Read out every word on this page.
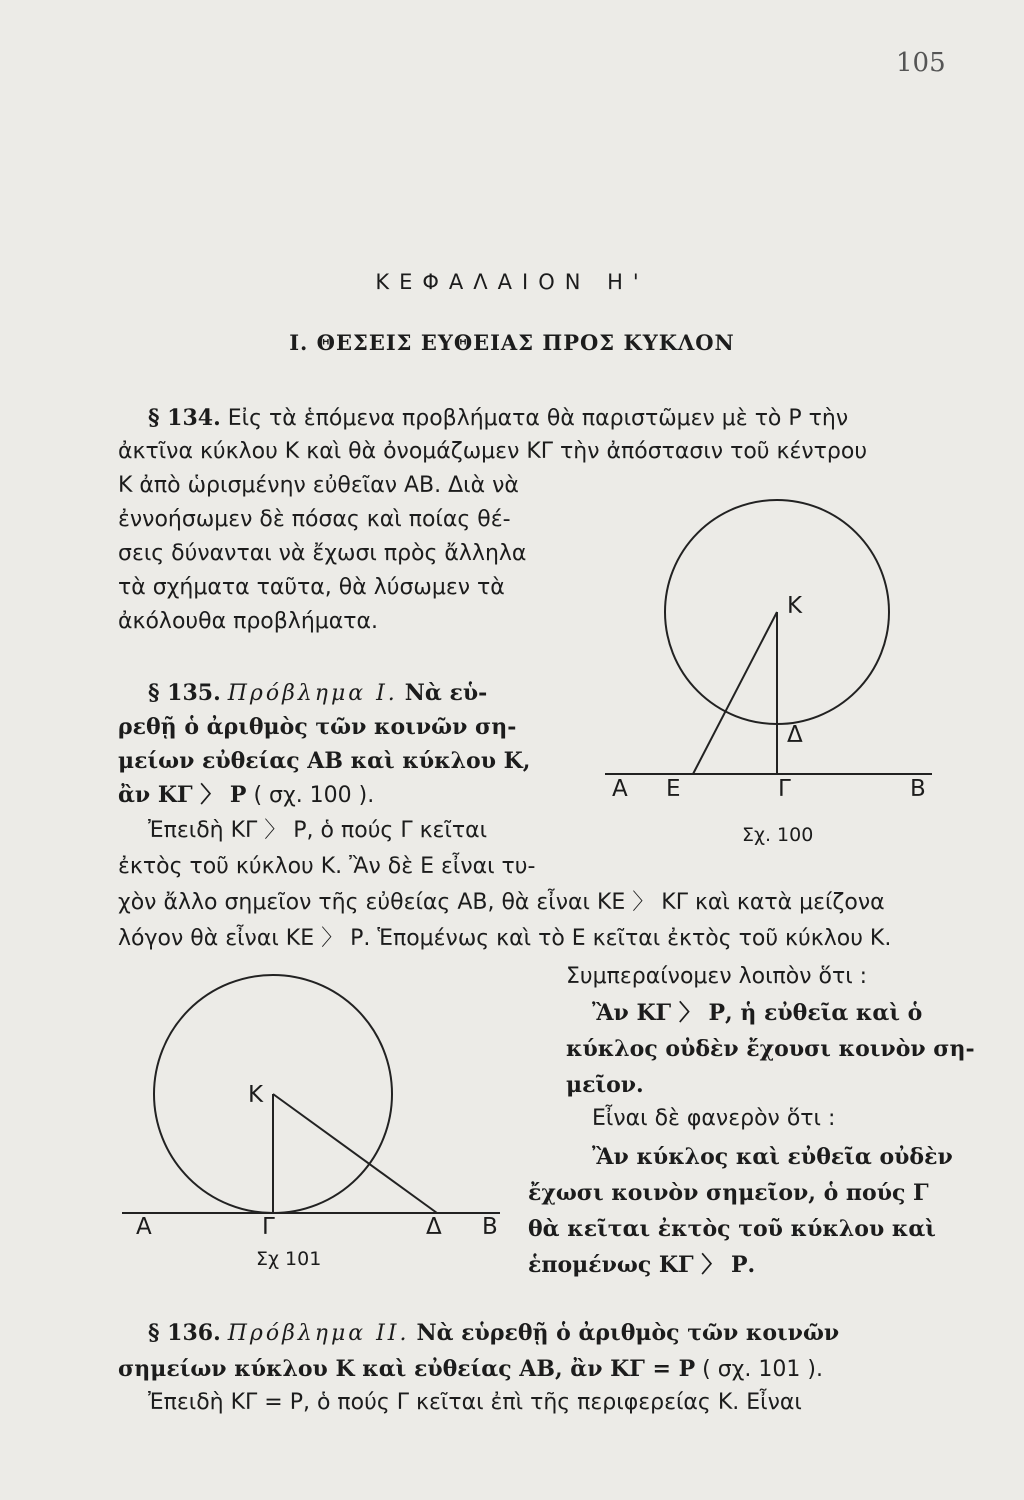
105
ΚΕΦΑΛΑΙΟΝ Η'
Ι. ΘΕΣΕΙΣ ΕΥΘΕΙΑΣ ΠΡΟΣ ΚΥΚΛΟΝ
§ 134. Εἰς τὰ ἑπόμενα προβλήματα θὰ παριστῶμεν μὲ τὸ Ρ τὴν
ἀκτῖνα κύκλου Κ καὶ θὰ ὀνομάζωμεν ΚΓ τὴν ἀπόστασιν τοῦ κέντρου
Κ ἀπὸ ὡρισμένην εὐθεῖαν ΑΒ. Διὰ νὰ
ἐννοήσωμεν δὲ πόσας καὶ ποίας θέ-
σεις δύνανται νὰ ἔχωσι πρὸς ἄλληλα
τὰ σχήματα ταῦτα, θὰ λύσωμεν τὰ
ἀκόλουθα προβλήματα.
§ 135. Πρόβλημα Ι. Νὰ εὑ-
ρεθῇ ὁ ἀριθμὸς τῶν κοινῶν ση-
μείων εὐθείας ΑΒ καὶ κύκλου Κ,
ἂν ΚΓ 〉 Ρ ( σχ. 100 ).
Ἐπειδὴ ΚΓ 〉 Ρ, ὁ πούς Γ κεῖται
ἐκτὸς τοῦ κύκλου Κ. Ἂν δὲ Ε εἶναι τυ-
χὸν ἄλλο σημεῖον τῆς εὐθείας ΑΒ, θὰ εἶναι ΚΕ 〉 ΚΓ καὶ κατὰ μείζονα
λόγον θὰ εἶναι ΚΕ 〉 Ρ. Ἑπομένως καὶ τὸ Ε κεῖται ἐκτὸς τοῦ κύκλου Κ.
Συμπεραίνομεν λοιπὸν ὅτι :
Ἂν ΚΓ 〉 Ρ, ἡ εὐθεῖα καὶ ὁ
κύκλος οὐδὲν ἔχουσι κοινὸν ση-
μεῖον.
Εἶναι δὲ φανερὸν ὅτι :
Ἂν κύκλος καὶ εὐθεῖα οὐδὲν
ἔχωσι κοινὸν σημεῖον, ὁ πούς Γ
θὰ κεῖται ἐκτὸς τοῦ κύκλου καὶ
ἑπομένως ΚΓ 〉 Ρ.
§ 136. Πρόβλημα ΙΙ. Νὰ εὑρεθῇ ὁ ἀριθμὸς τῶν κοινῶν
σημείων κύκλου Κ καὶ εὐθείας ΑΒ, ἂν ΚΓ = Ρ ( σχ. 101 ).
Ἐπειδὴ ΚΓ = Ρ, ὁ πούς Γ κεῖται ἐπὶ τῆς περιφερείας Κ. Εἶναι
Κ
Δ
Α Ε	Γ	Β
Σχ. 100
Κ
Α	Γ	Δ Β
Σχ 101
